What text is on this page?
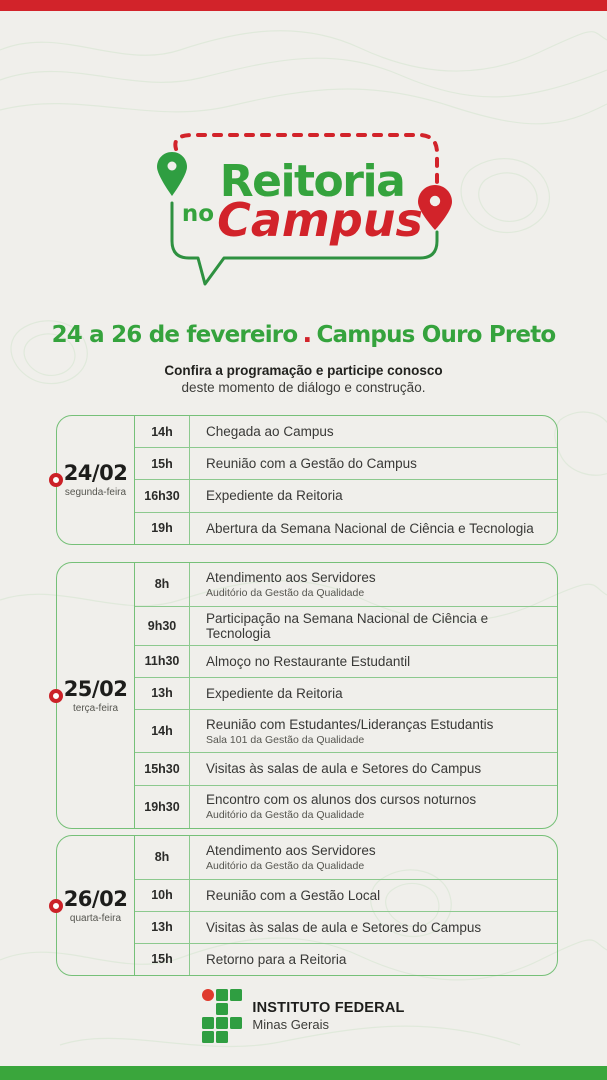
Reitoria
no Campus
24 a 26 de fevereiro . Campus Ouro Preto
Confira a programação e participe conosco
deste momento de diálogo e construção.
24/02
segunda-feira
14h	Chegada ao Campus
15h	Reunião com a Gestão do Campus
16h30	Expediente da Reitoria
19h	Abertura da Semana Nacional de Ciência e Tecnologia
25/02
terça-feira
8h	Atendimento aos Servidores
Auditório da Gestão da Qualidade
9h30	Participação na Semana Nacional de Ciência e Tecnologia
11h30	Almoço no Restaurante Estudantil
13h	Expediente da Reitoria
14h	Reunião com Estudantes/Lideranças Estudantis
Sala 101 da Gestão da Qualidade
15h30	Visitas às salas de aula e Setores do Campus
19h30	Encontro com os alunos dos cursos noturnos
Auditório da Gestão da Qualidade
26/02
quarta-feira
8h	Atendimento aos Servidores
Auditório da Gestão da Qualidade
10h	Reunião com a Gestão Local
13h	Visitas às salas de aula e Setores do Campus
15h	Retorno para a Reitoria
INSTITUTO FEDERAL
Minas Gerais
